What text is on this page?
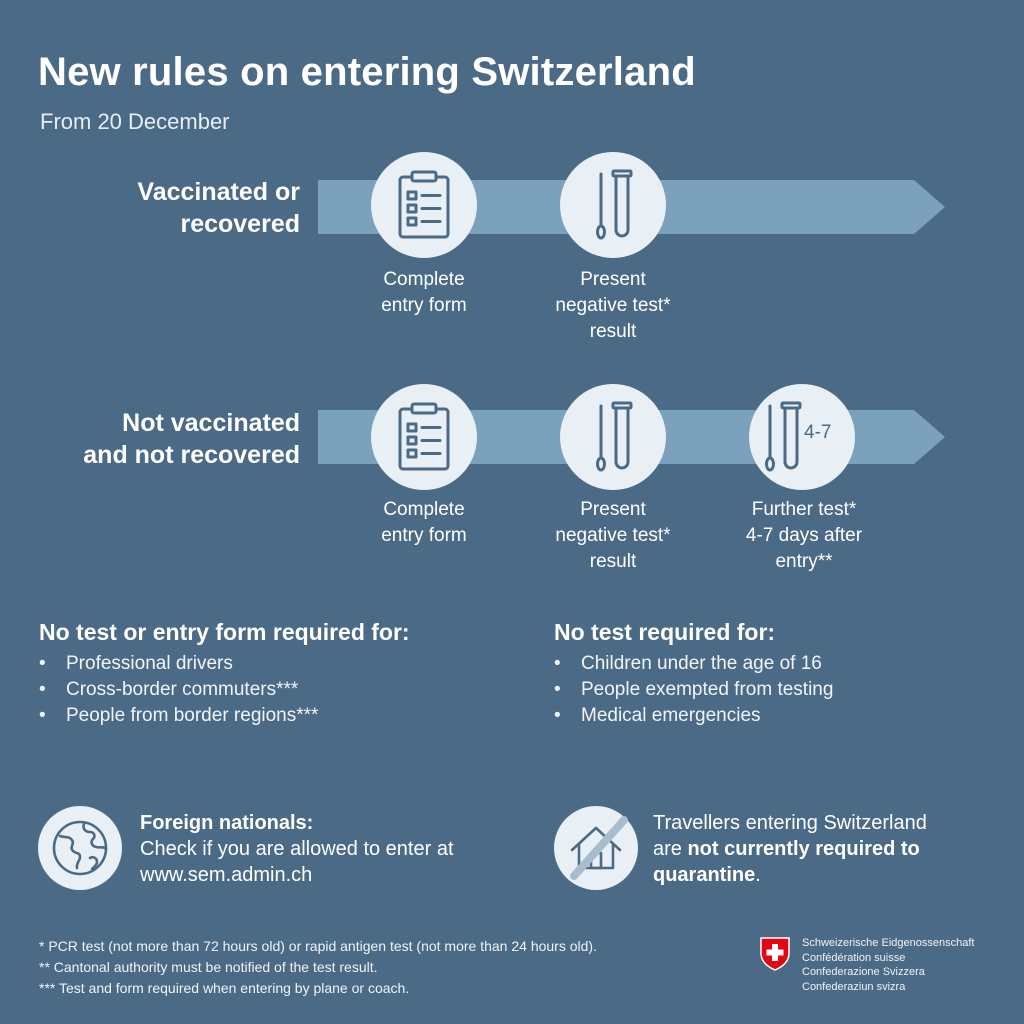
New rules on entering Switzerland
From 20 December
Vaccinated or
recovered
Complete
entry form
Present
negative test*
result
Not vaccinated
and not recovered
4-7
Complete
entry form
Present
negative test*
result
Further test*
4-7 days after
entry**
No test or entry form required for:
• Professional drivers
• Cross-border commuters***
• People from border regions***
No test required for:
• Children under the age of 16
• People exempted from testing
• Medical emergencies
Foreign nationals:
Check if you are allowed to enter at
www.sem.admin.ch
Travellers entering Switzerland
are not currently required to
quarantine.
* PCR test (not more than 72 hours old) or rapid antigen test (not more than 24 hours old).
** Cantonal authority must be notified of the test result.
*** Test and form required when entering by plane or coach.
Schweizerische Eidgenossenschaft
Confédération suisse
Confederazione Svizzera
Confederaziun svizra
